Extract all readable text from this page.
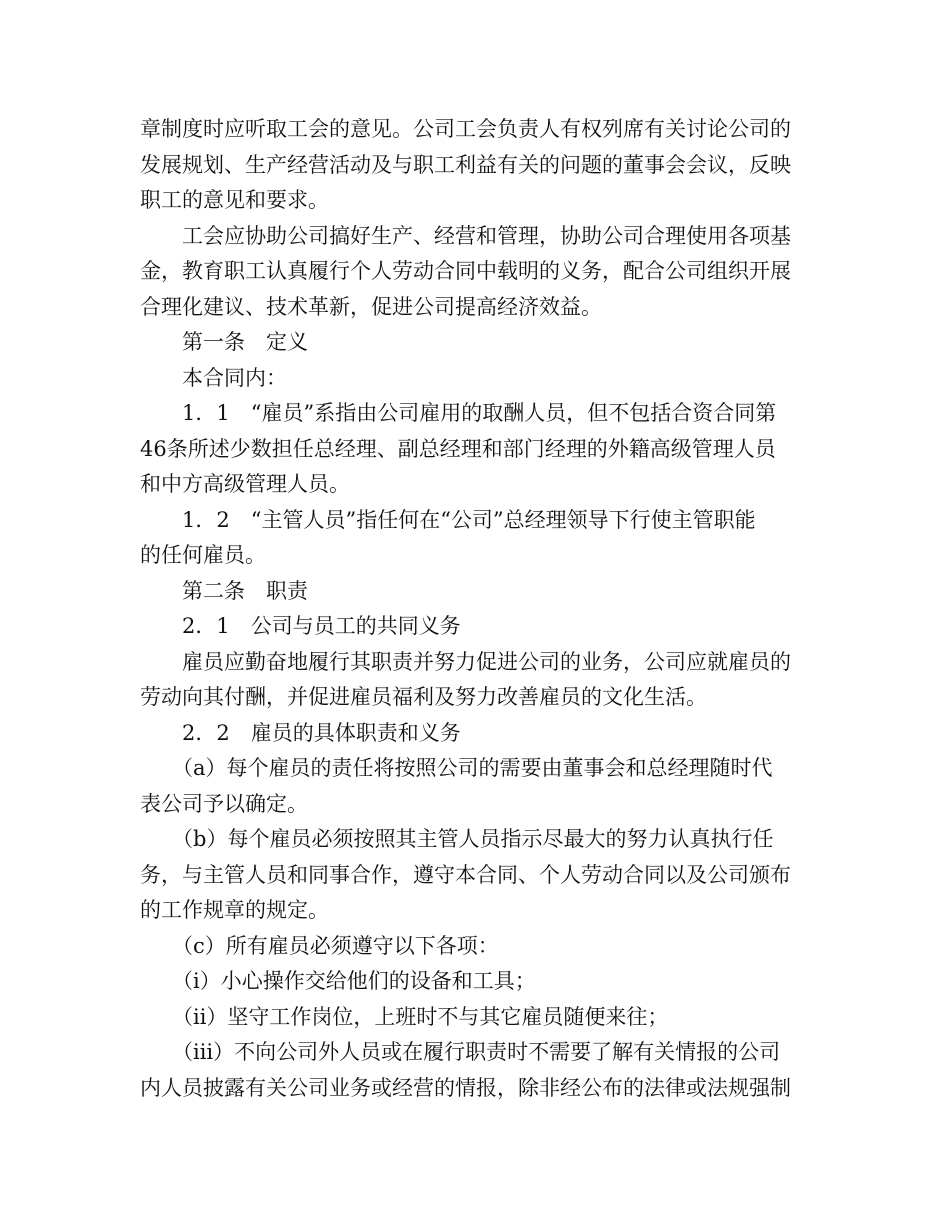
章制度时应听取工会的意见。公司工会负责人有权列席有关讨论公司的
发展规划、生产经营活动及与职工利益有关的问题的董事会会议，反映
职工的意见和要求。
工会应协助公司搞好生产、经营和管理，协助公司合理使用各项基
金，教育职工认真履行个人劳动合同中载明的义务，配合公司组织开展
合理化建议、技术革新，促进公司提高经济效益。
第一条　定义
本合同内：
1．1　“雇员”系指由公司雇用的取酬人员，但不包括合资合同第
46条所述少数担任总经理、副总经理和部门经理的外籍高级管理人员
和中方高级管理人员。
1．2　“主管人员”指任何在“公司”总经理领导下行使主管职能
的任何雇员。
第二条　职责
2．1　公司与员工的共同义务
雇员应勤奋地履行其职责并努力促进公司的业务，公司应就雇员的
劳动向其付酬，并促进雇员福利及努力改善雇员的文化生活。
2．2　雇员的具体职责和义务
（a）每个雇员的责任将按照公司的需要由董事会和总经理随时代
表公司予以确定。
（b）每个雇员必须按照其主管人员指示尽最大的努力认真执行任
务，与主管人员和同事合作，遵守本合同、个人劳动合同以及公司颁布
的工作规章的规定。
（c）所有雇员必须遵守以下各项：
（ⅰ）小心操作交给他们的设备和工具；
（ⅱ）坚守工作岗位，上班时不与其它雇员随便来往；
（ⅲ）不向公司外人员或在履行职责时不需要了解有关情报的公司
内人员披露有关公司业务或经营的情报，除非经公布的法律或法规强制
